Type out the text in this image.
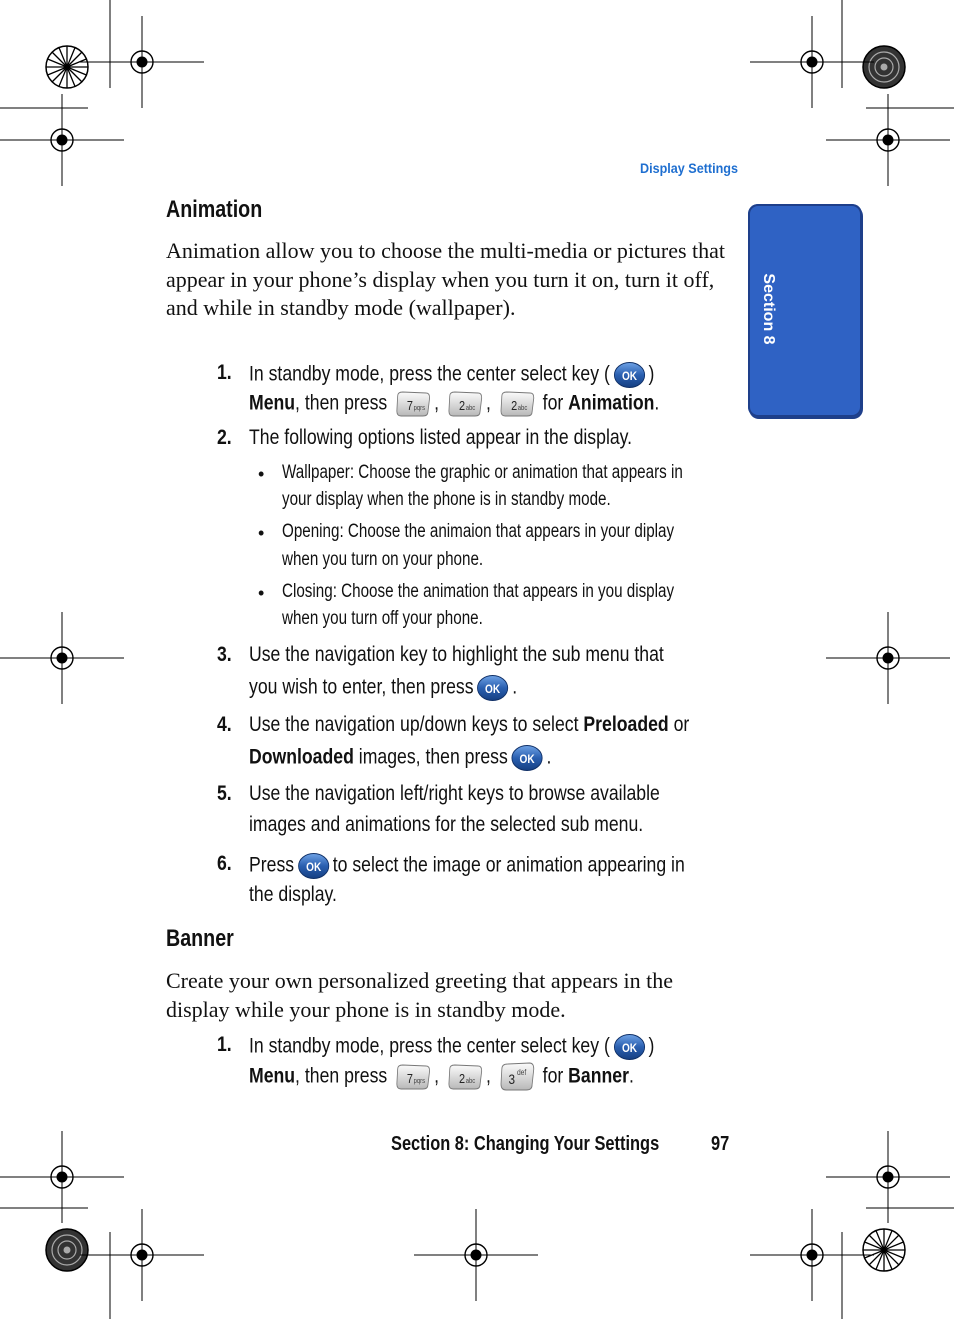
Display Settings
Section 8
Animation
Animation allow you to choose the multi-media or pictures that appear in your phone’s display when you turn it on, turn it off, and while in standby mode (wallpaper).
1. In standby mode, press the center select key ( OK )
Menu, then press 7 pqrs , 2 abc , 2 abc for Animation.
2. The following options listed appear in the display.
• Wallpaper: Choose the graphic or animation that appears in
your display when the phone is in standby mode.
• Opening: Choose the animaion that appears in your diplay
when you turn on your phone.
• Closing: Choose the animation that appears in you display
when you turn off your phone.
3. Use the navigation key to highlight the sub menu that
you wish to enter, then press OK .
4. Use the navigation up/down keys to select Preloaded or
Downloaded images, then press OK .
5. Use the navigation left/right keys to browse available
images and animations for the selected sub menu.
6. Press OK to select the image or animation appearing in
the display.
Banner
Create your own personalized greeting that appears in the display while your phone is in standby mode.
1. In standby mode, press the center select key ( OK )
Menu, then press 7 pqrs , 2 abc , 3 def for Banner.
Section 8: Changing Your Settings	97
